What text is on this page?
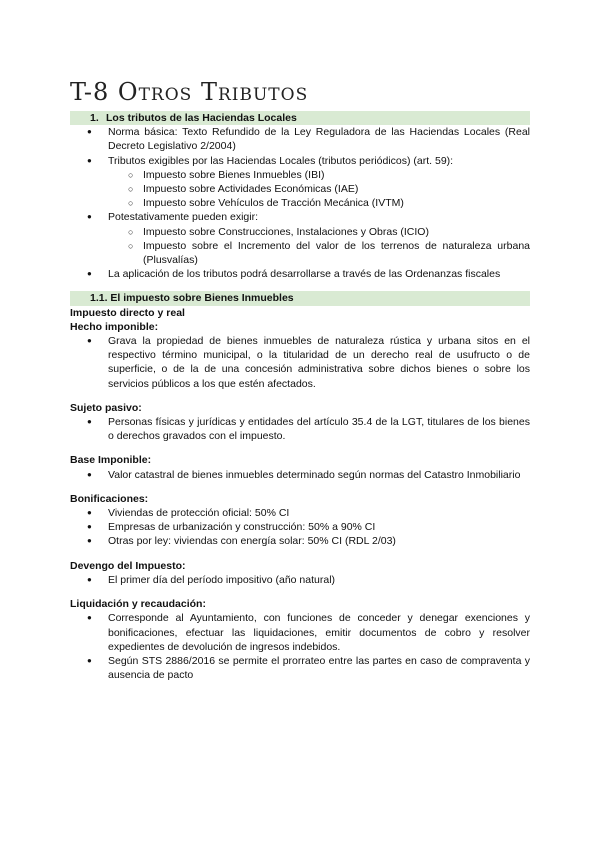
T-8 Otros Tributos
1. Los tributos de las Haciendas Locales
● Norma básica: Texto Refundido de la Ley Reguladora de las Haciendas Locales (Real Decreto Legislativo 2/2004)
● Tributos exigibles por las Haciendas Locales (tributos periódicos) (art. 59):
○ Impuesto sobre Bienes Inmuebles (IBI)
○ Impuesto sobre Actividades Económicas (IAE)
○ Impuesto sobre Vehículos de Tracción Mecánica (IVTM)
● Potestativamente pueden exigir:
○ Impuesto sobre Construcciones, Instalaciones y Obras (ICIO)
○ Impuesto sobre el Incremento del valor de los terrenos de naturaleza urbana (Plusvalías)
● La aplicación de los tributos podrá desarrollarse a través de las Ordenanzas fiscales
1.1. El impuesto sobre Bienes Inmuebles

Impuesto directo y real

Hecho imponible:

● Grava la propiedad de bienes inmuebles de naturaleza rústica y urbana sitos en el respectivo término municipal, o la titularidad de un derecho real de usufructo o de superficie, o de la de una concesión administrativa sobre dichos bienes o sobre los servicios públicos a los que estén afectados.

Sujeto pasivo:

● Personas físicas y jurídicas y entidades del artículo 35.4 de la LGT, titulares de los bienes o derechos gravados con el impuesto.

Base Imponible:

● Valor catastral de bienes inmuebles determinado según normas del Catastro Inmobiliario

Bonificaciones:

● Viviendas de protección oficial: 50% CI
● Empresas de urbanización y construcción: 50% a 90% CI
● Otras por ley: viviendas con energía solar: 50% CI (RDL 2/03)

Devengo del Impuesto:

● El primer día del período impositivo (año natural)

Liquidación y recaudación:

● Corresponde al Ayuntamiento, con funciones de conceder y denegar exenciones y bonificaciones, efectuar las liquidaciones, emitir documentos de cobro y resolver expedientes de devolución de ingresos indebidos.
● Según STS 2886/2016 se permite el prorrateo entre las partes en caso de compraventa y ausencia de pacto
